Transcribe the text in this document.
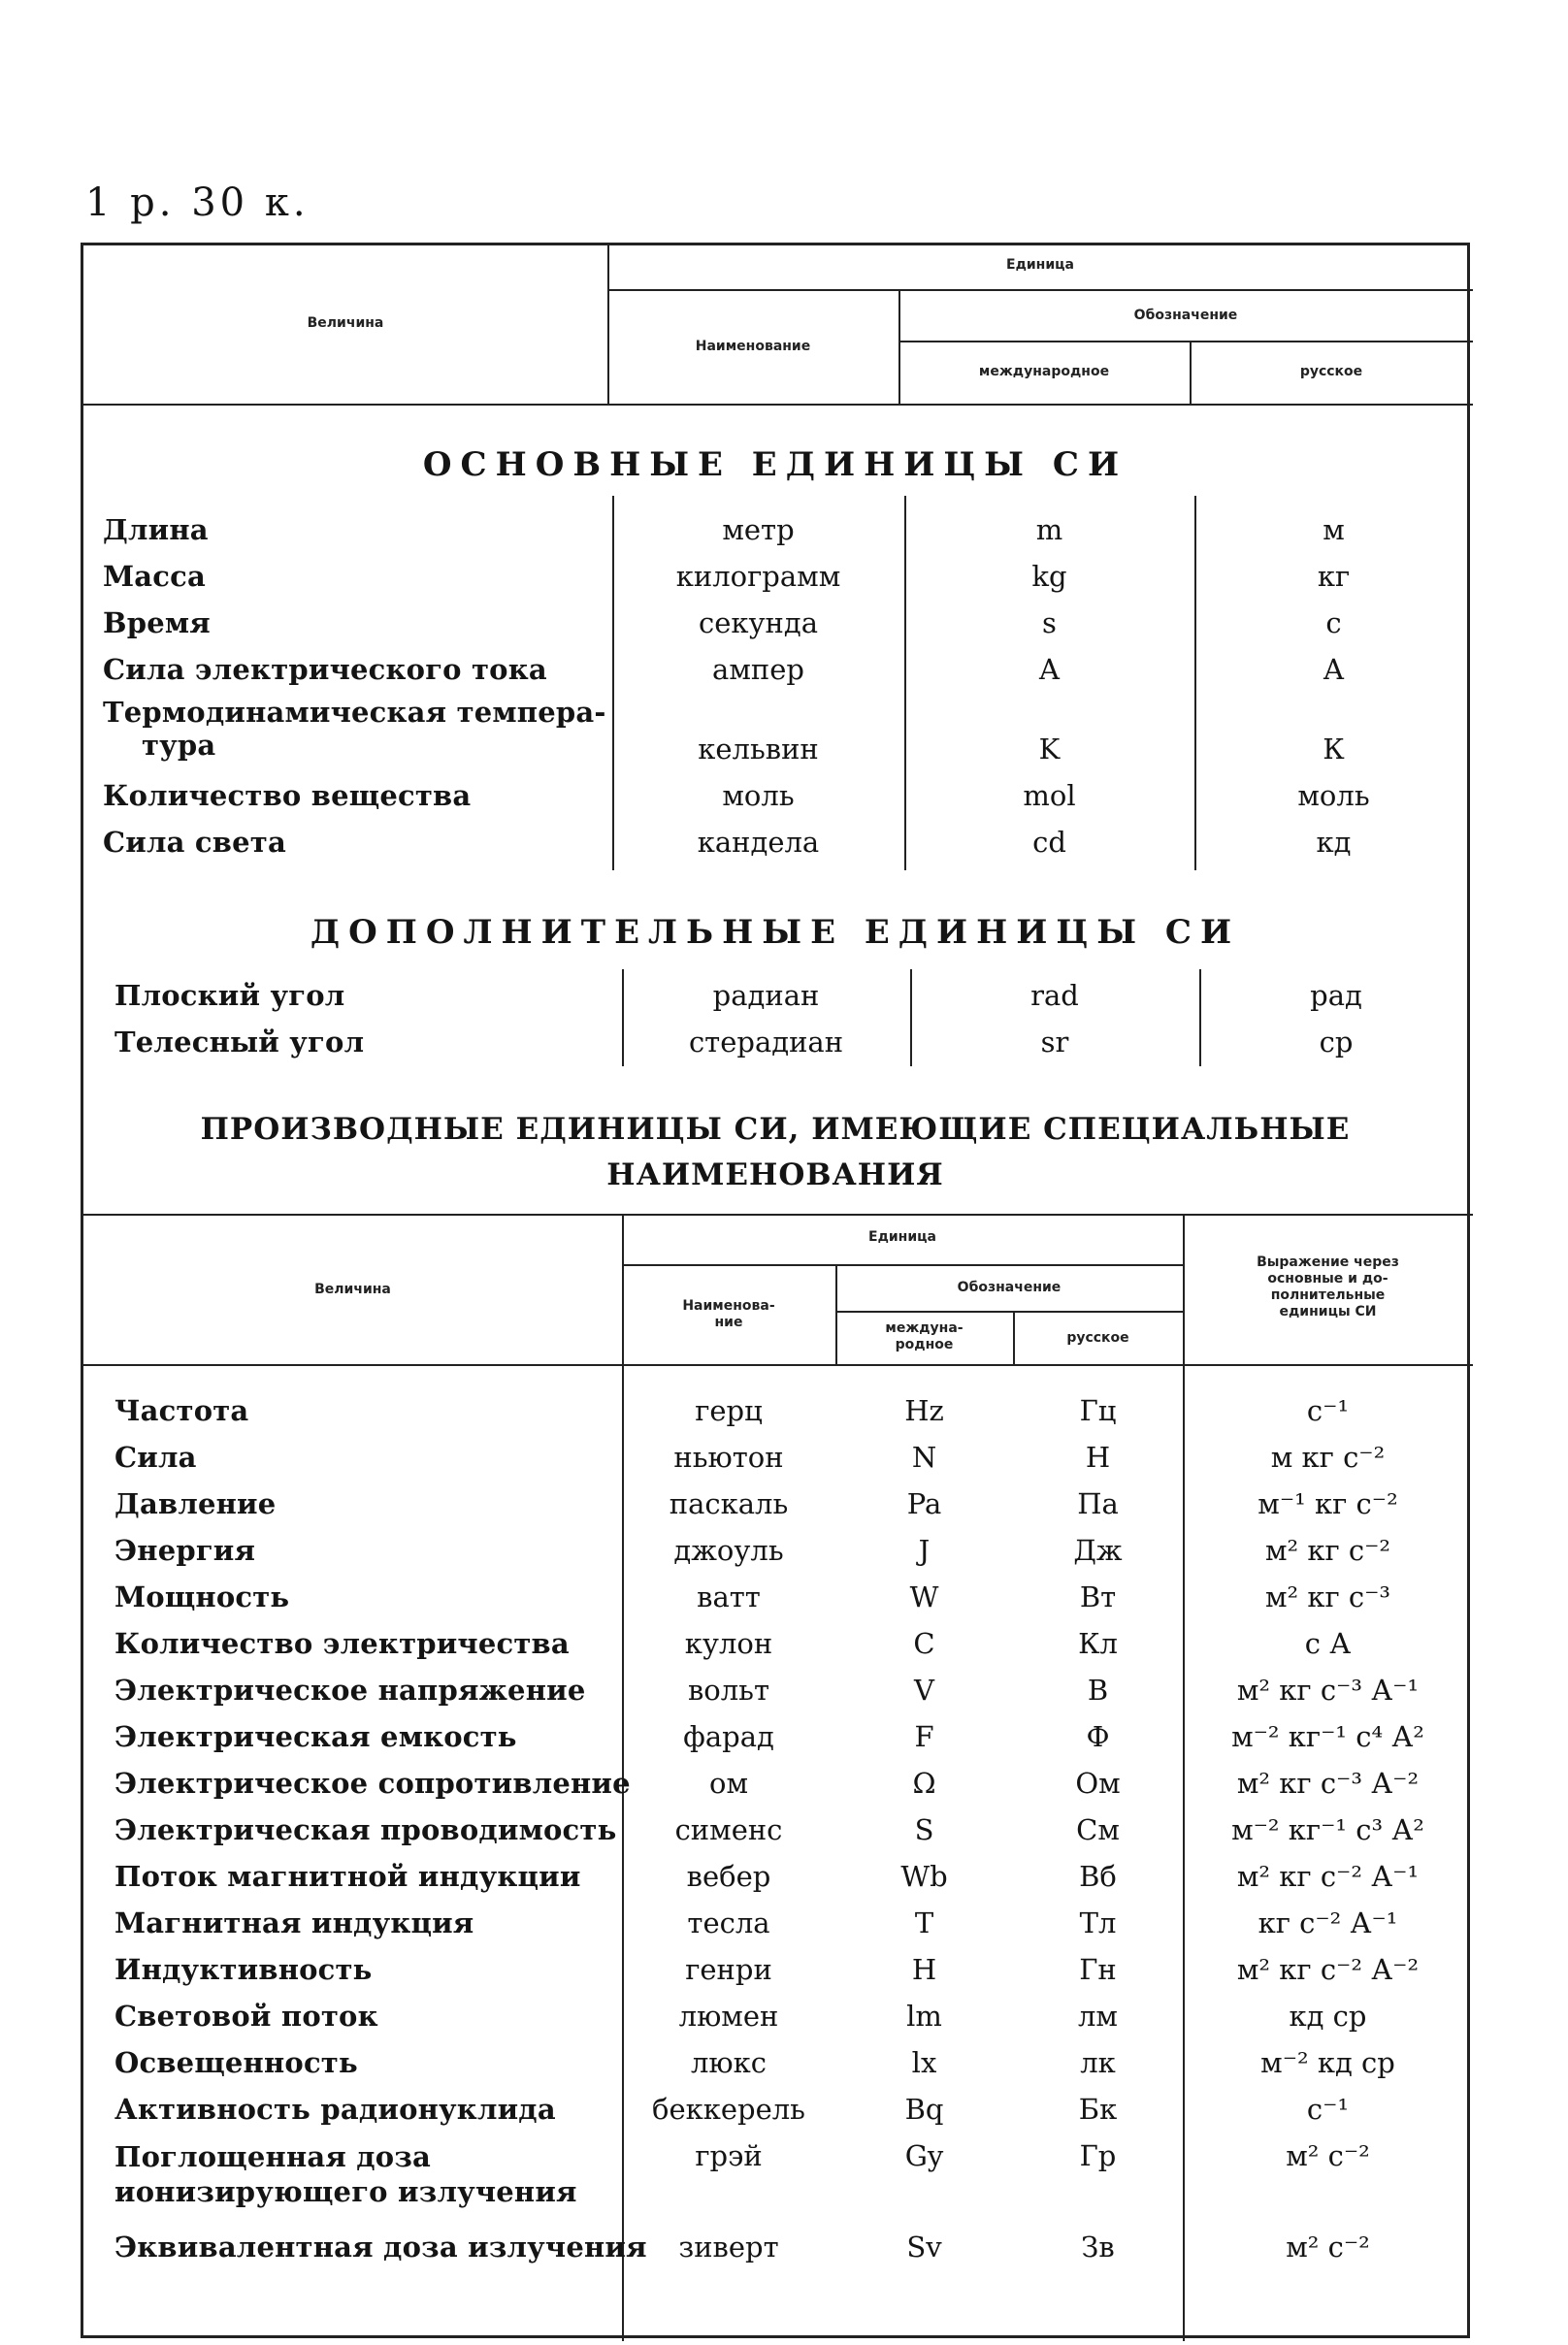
1 р. 30 к.
Величина
Единица
Наименование
Обозначение
международное	русское
ОСНОВНЫЕ ЕДИНИЦЫ СИ
Длина	метр	m	м
Масса	килограмм	kg	кг
Время	секунда	s	с
Сила электрического тока	ампер	A	А
Термодинамическая темпера-
тура	кельвин	K	К
Количество вещества	моль	mol	моль
Сила света	кандела	cd	кд
ДОПОЛНИТЕЛЬНЫЕ ЕДИНИЦЫ СИ
Плоский угол	радиан	rad	рад
Телесный угол	стерадиан	sr	ср
ПРОИЗВОДНЫЕ ЕДИНИЦЫ СИ, ИМЕЮЩИЕ СПЕЦИАЛЬНЫЕ
НАИМЕНОВАНИЯ
Величина
Единица
Наименова-
ние
Обозначение
междуна-
родное	русское
Выражение через
основные и до-
полнительные
единицы СИ
Частота	герц	Hz	Гц	с⁻¹
Сила	ньютон	N	Н	м кг с⁻²
Давление	паскаль	Pa	Па	м⁻¹ кг с⁻²
Энергия	джоуль	J	Дж	м² кг с⁻²
Мощность	ватт	W	Вт	м² кг с⁻³
Количество электричества	кулон	C	Кл	с А
Электрическое напряжение	вольт	V	В	м² кг с⁻³ А⁻¹
Электрическая емкость	фарад	F	Ф	м⁻² кг⁻¹ с⁴ А²
Электрическое сопротивление	ом	Ω	Ом	м² кг с⁻³ А⁻²
Электрическая проводимость	сименс	S	См	м⁻² кг⁻¹ с³ А²
Поток магнитной индукции	вебер	Wb	Вб	м² кг с⁻² А⁻¹
Магнитная индукция	тесла	T	Тл	кг с⁻² А⁻¹
Индуктивность	генри	H	Гн	м² кг с⁻² А⁻²
Световой поток	люмен	lm	лм	кд ср
Освещенность	люкс	lx	лк	м⁻² кд ср
Активность радионуклида	беккерель	Bq	Бк	с⁻¹
Поглощенная доза
ионизирующего излучения
грэй	Gy	Гр	м² с⁻²
Эквивалентная доза излучения	зиверт	Sv	Зв	м² с⁻²
